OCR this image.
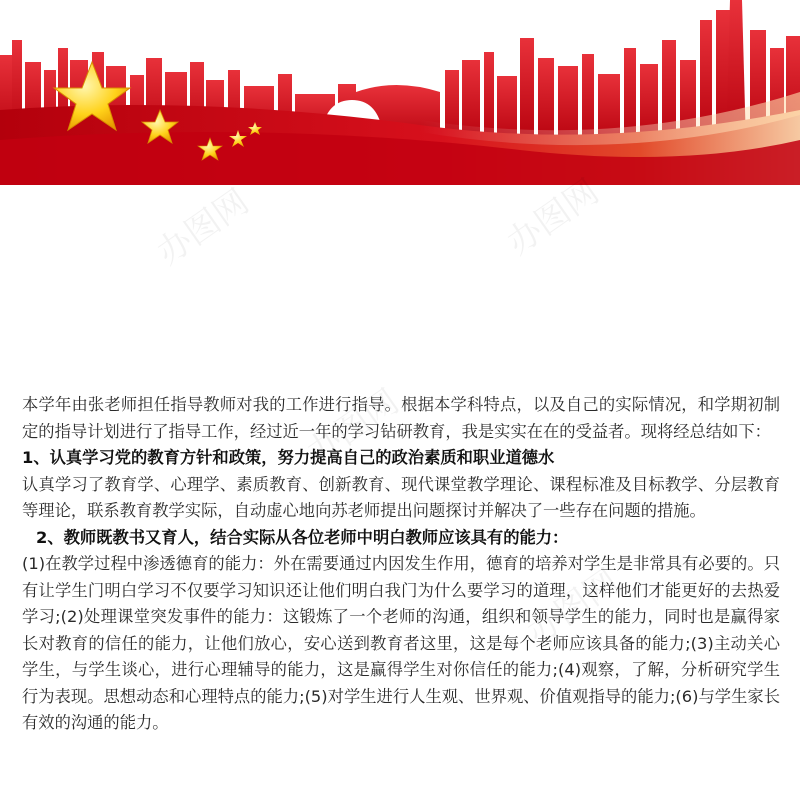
办图网	办图网
办图网
办图网

本学年由张老师担任指导教师对我的工作进行指导。根据本学科特点，以及自己的实际情况，和学期初制定的指导计划进行了指导工作，经过近一年的学习钻研教育，我是实实在在的受益者。现将经总结如下：

1、认真学习党的教育方针和政策，努力提高自己的政治素质和职业道德水

认真学习了教育学、心理学、素质教育、创新教育、现代课堂教学理论、课程标准及目标教学、分层教育等理论，联系教育教学实际，自动虚心地向苏老师提出问题探讨并解决了一些存在问题的措施。

2、教师既教书又育人，结合实际从各位老师中明白教师应该具有的能力：

(1)在教学过程中渗透德育的能力：外在需要通过内因发生作用，德育的培养对学生是非常具有必要的。只有让学生门明白学习不仅要学习知识还让他们明白我门为什么要学习的道理，这样他们才能更好的去热爱学习;(2)处理课堂突发事件的能力：这锻炼了一个老师的沟通，组织和领导学生的能力，同时也是赢得家长对教育的信任的能力，让他们放心，安心送到教育者这里，这是每个老师应该具备的能力;(3)主动关心学生，与学生谈心，进行心理辅导的能力，这是赢得学生对你信任的能力;(4)观察，了解，分析研究学生行为表现。思想动态和心理特点的能力;(5)对学生进行人生观、世界观、价值观指导的能力;(6)与学生家长有效的沟通的能力。
